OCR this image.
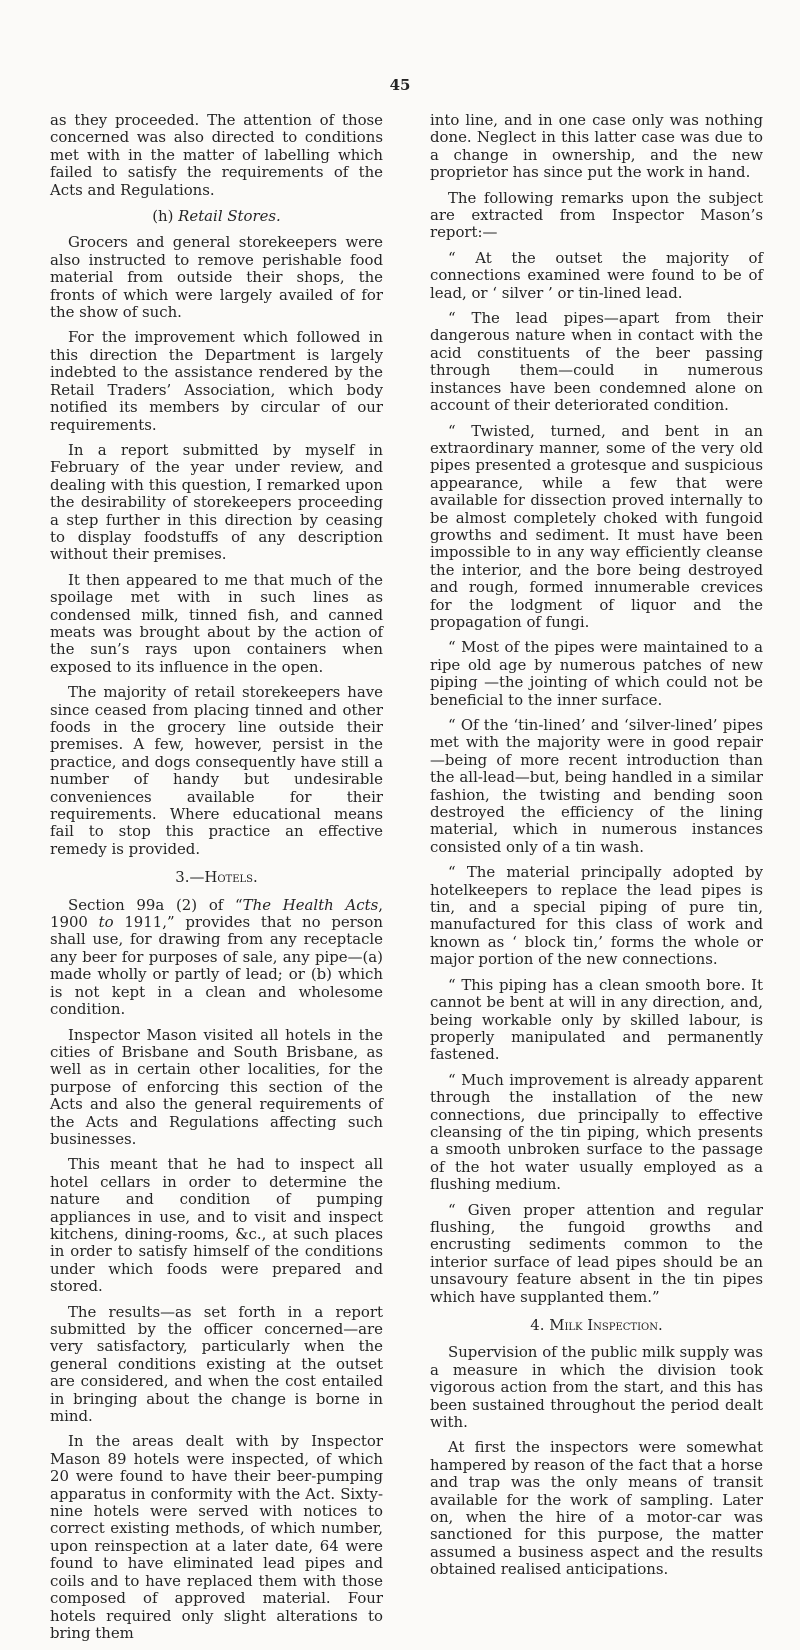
45

as they proceeded. The attention of those concerned was also directed to conditions met with in the matter of labelling which failed to satisfy the requirements of the Acts and Regulations.

(h) Retail Stores.

Grocers and general storekeepers were also instructed to remove perishable food material from outside their shops, the fronts of which were largely availed of for the show of such.

For the improvement which followed in this direction the Department is largely indebted to the assistance rendered by the Retail Traders’ Association, which body notified its members by circular of our requirements.

In a report submitted by myself in February of the year under review, and dealing with this question, I remarked upon the desirability of storekeepers proceeding a step further in this direction by ceasing to display foodstuffs of any description without their premises.

It then appeared to me that much of the spoilage met with in such lines as condensed milk, tinned fish, and canned meats was brought about by the action of the sun’s rays upon containers when exposed to its influence in the open.

The majority of retail storekeepers have since ceased from placing tinned and other foods in the grocery line outside their premises. A few, however, persist in the practice, and dogs consequently have still a number of handy but undesirable conveniences available for their requirements. Where educational means fail to stop this practice an effective remedy is provided.

3.—Hotels.

Section 99a (2) of “The Health Acts, 1900 to 1911,” provides that no person shall use, for drawing from any receptacle any beer for purposes of sale, any pipe—(a) made wholly or partly of lead; or (b) which is not kept in a clean and wholesome condition.

Inspector Mason visited all hotels in the cities of Brisbane and South Brisbane, as well as in certain other localities, for the purpose of enforcing this section of the Acts and also the general requirements of the Acts and Regulations affecting such businesses.

This meant that he had to inspect all hotel cellars in order to determine the nature and condition of pumping appliances in use, and to visit and inspect kitchens, dining-rooms, &c., at such places in order to satisfy himself of the conditions under which foods were prepared and stored.

The results—as set forth in a report submitted by the officer concerned—are very satisfactory, particularly when the general conditions existing at the outset are considered, and when the cost entailed in bringing about the change is borne in mind.

In the areas dealt with by Inspector Mason 89 hotels were inspected, of which 20 were found to have their beer-pumping apparatus in conformity with the Act. Sixty-nine hotels were served with notices to correct existing methods, of which number, upon reinspection at a later date, 64 were found to have eliminated lead pipes and coils and to have replaced them with those composed of approved material. Four hotels required only slight alterations to bring them

into line, and in one case only was nothing done. Neglect in this latter case was due to a change in ownership, and the new proprietor has since put the work in hand.

The following remarks upon the subject are extracted from Inspector Mason’s report:—

“ At the outset the majority of connections examined were found to be of lead, or ‘ silver ’ or tin-lined lead.

“ The lead pipes—apart from their dangerous nature when in contact with the acid constituents of the beer passing through them—could in numerous instances have been condemned alone on account of their deteriorated condition.

“ Twisted, turned, and bent in an extraordinary manner, some of the very old pipes presented a grotesque and suspicious appearance, while a few that were available for dissection proved internally to be almost completely choked with fungoid growths and sediment. It must have been impossible to in any way efficiently cleanse the interior, and the bore being destroyed and rough, formed innumerable crevices for the lodgment of liquor and the propagation of fungi.

“ Most of the pipes were maintained to a ripe old age by numerous patches of new piping —the jointing of which could not be beneficial to the inner surface.

“ Of the ‘tin-lined’ and ‘silver-lined’ pipes met with the majority were in good repair —being of more recent introduction than the all-lead—but, being handled in a similar fashion, the twisting and bending soon destroyed the efficiency of the lining material, which in numerous instances consisted only of a tin wash.

“ The material principally adopted by hotelkeepers to replace the lead pipes is tin, and a special piping of pure tin, manufactured for this class of work and known as ‘ block tin,’ forms the whole or major portion of the new connections.

“ This piping has a clean smooth bore. It cannot be bent at will in any direction, and, being workable only by skilled labour, is properly manipulated and permanently fastened.

“ Much improvement is already apparent through the installation of the new connections, due principally to effective cleansing of the tin piping, which presents a smooth unbroken surface to the passage of the hot water usually employed as a flushing medium.

“ Given proper attention and regular flushing, the fungoid growths and encrusting sediments common to the interior surface of lead pipes should be an unsavoury feature absent in the tin pipes which have supplanted them.”

4. Milk Inspection.

Supervision of the public milk supply was a measure in which the division took vigorous action from the start, and this has been sustained throughout the period dealt with.

At first the inspectors were somewhat hampered by reason of the fact that a horse and trap was the only means of transit available for the work of sampling. Later on, when the hire of a motor-car was sanctioned for this purpose, the matter assumed a business aspect and the results obtained realised anticipations.
